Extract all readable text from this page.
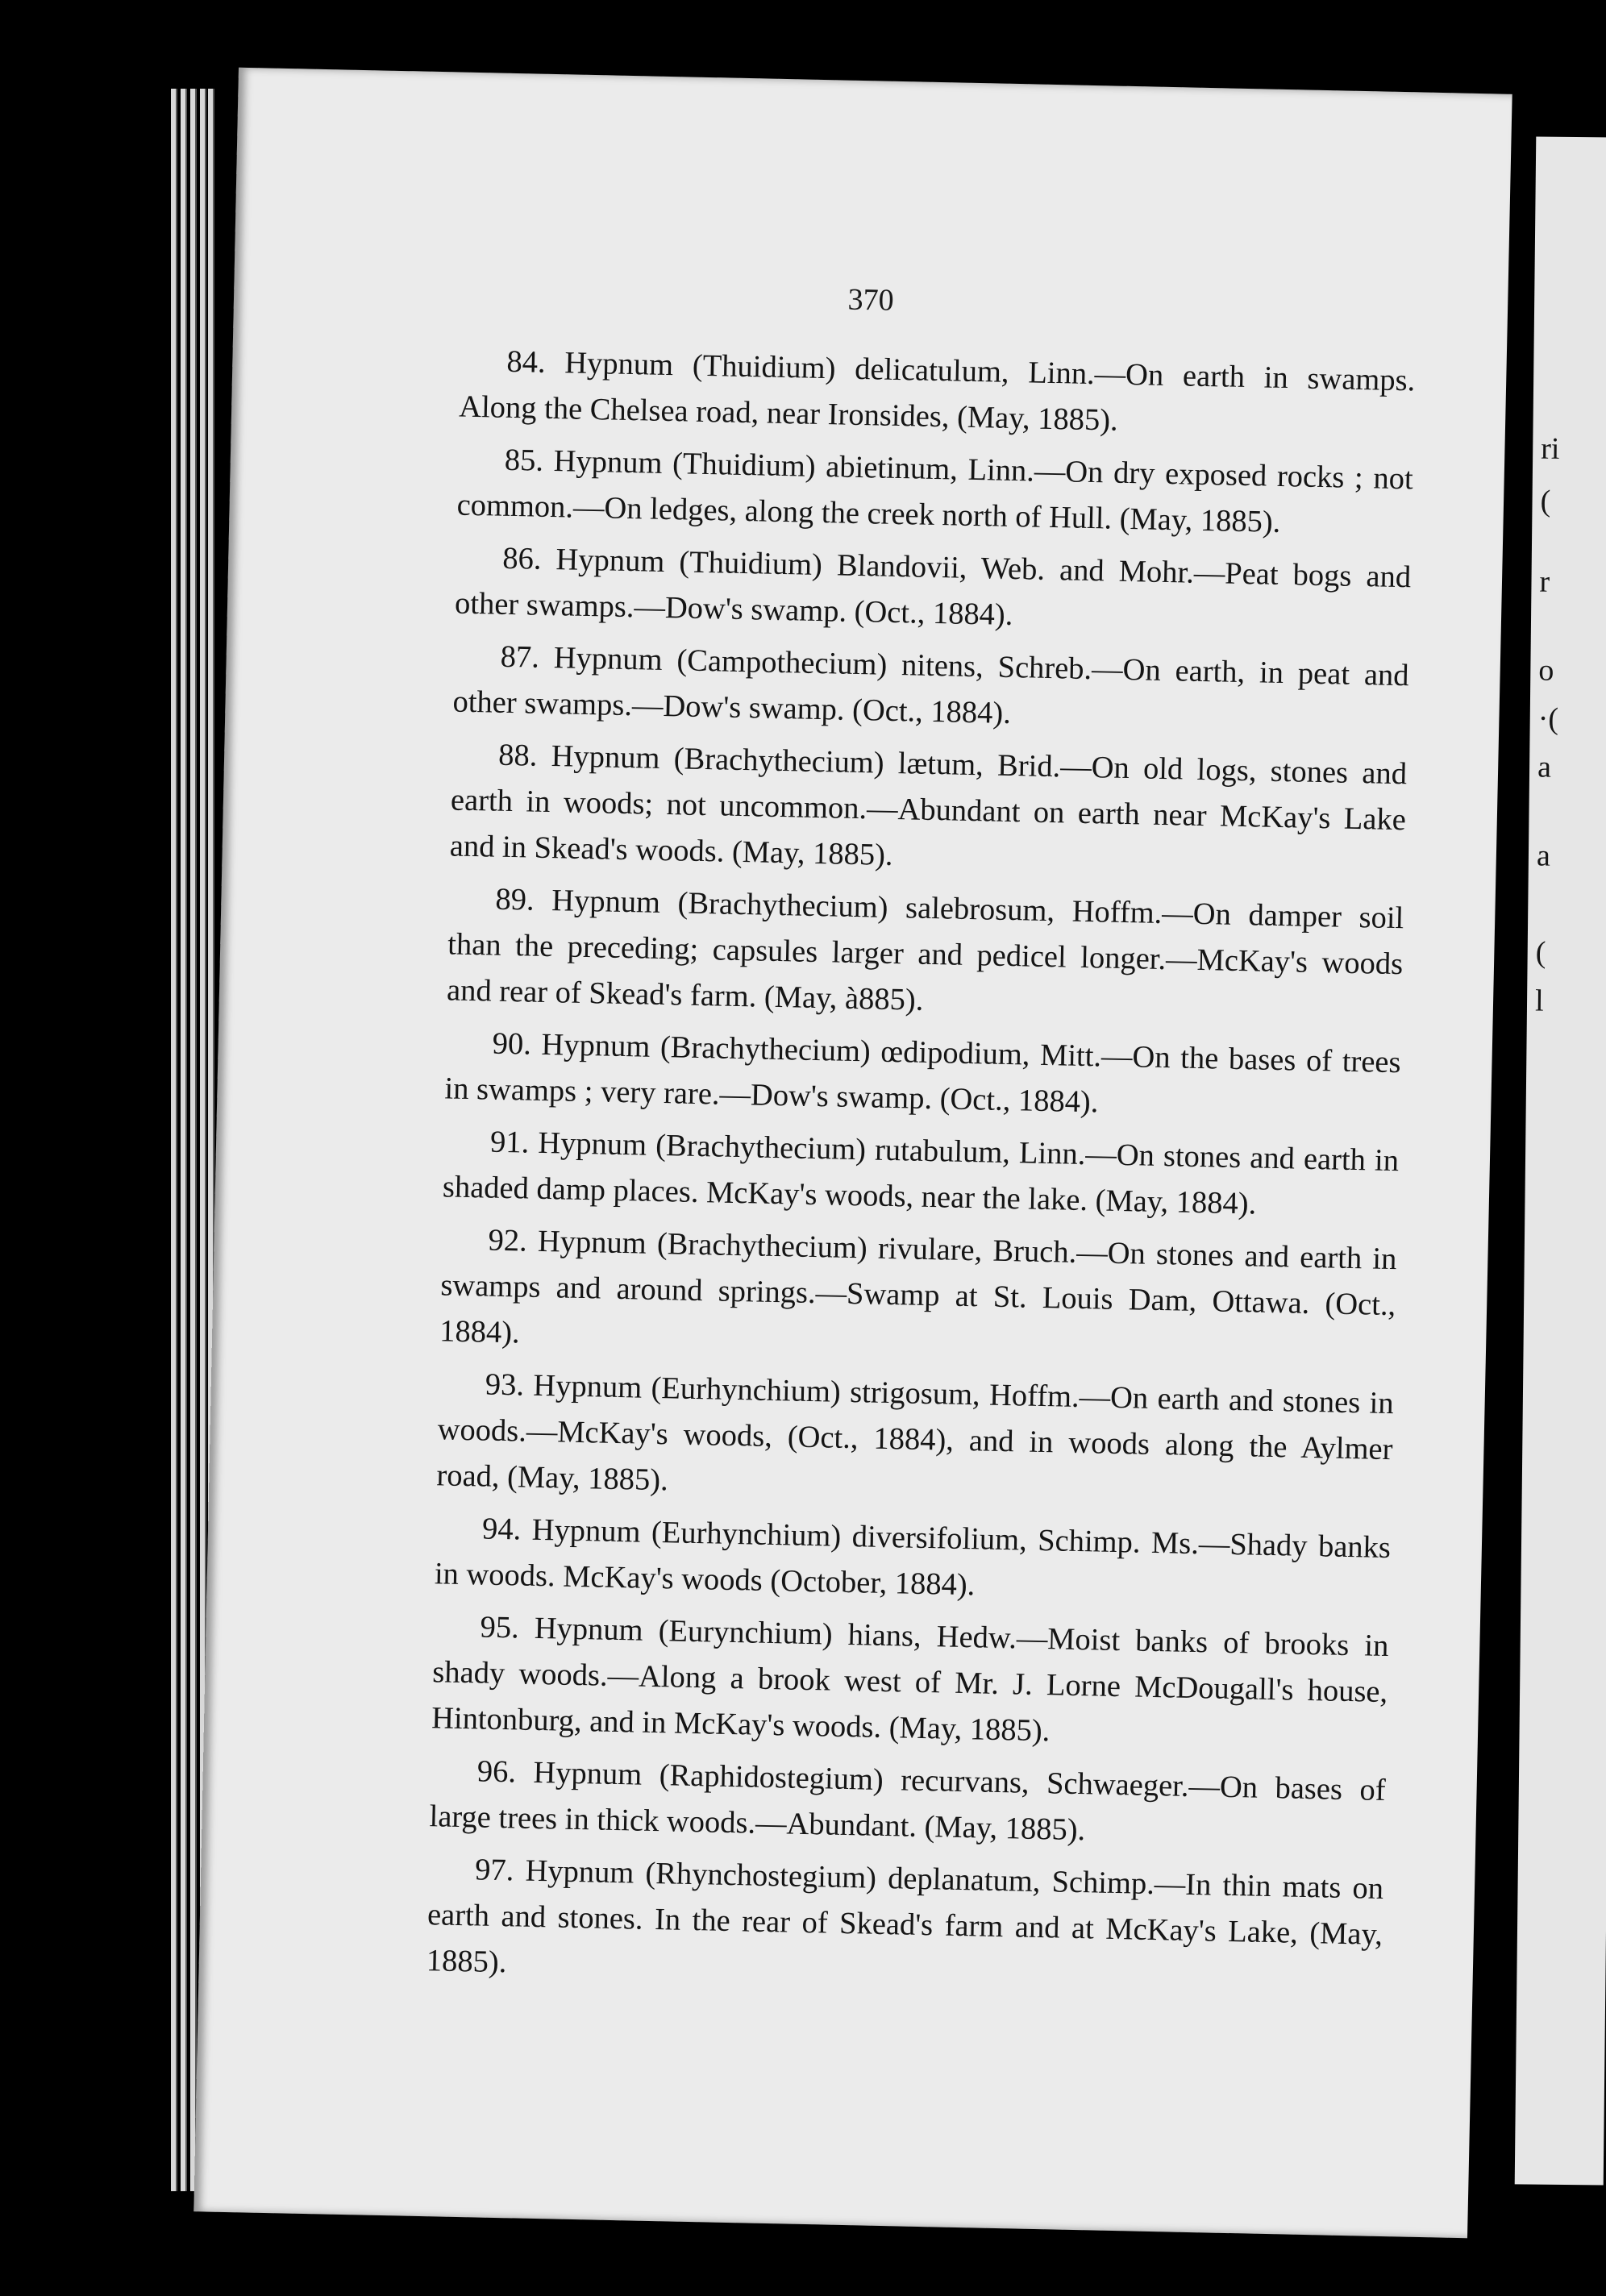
370

84. Hypnum (Thuidium) delicatulum, Linn.—On earth in swamps. Along the Chelsea road, near Ironsides, (May, 1885).

85. Hypnum (Thuidium) abietinum, Linn.—On dry exposed rocks ; not common.—On ledges, along the creek north of Hull. (May, 1885).

86. Hypnum (Thuidium) Blandovii, Web. and Mohr.—Peat bogs and other swamps.—Dow's swamp. (Oct., 1884).

87. Hypnum (Campothecium) nitens, Schreb.—On earth, in peat and other swamps.—Dow's swamp. (Oct., 1884).

88. Hypnum (Brachythecium) lætum, Brid.—On old logs, stones and earth in woods; not uncommon.—Abundant on earth near McKay's Lake and in Skead's woods. (May, 1885).

89. Hypnum (Brachythecium) salebrosum, Hoffm.—On damper soil than the preceding; capsules larger and pedicel longer.—McKay's woods and rear of Skead's farm. (May, à885).

90. Hypnum (Brachythecium) œdipodium, Mitt.—On the bases of trees in swamps ; very rare.—Dow's swamp. (Oct., 1884).

91. Hypnum (Brachythecium) rutabulum, Linn.—On stones and earth in shaded damp places. McKay's woods, near the lake. (May, 1884).

92. Hypnum (Brachythecium) rivulare, Bruch.—On stones and earth in swamps and around springs.—Swamp at St. Louis Dam, Ottawa. (Oct., 1884).

93. Hypnum (Eurhynchium) strigosum, Hoffm.—On earth and stones in woods.—McKay's woods, (Oct., 1884), and in woods along the Aylmer road, (May, 1885).

94. Hypnum (Eurhynchium) diversifolium, Schimp. Ms.—Shady banks in woods. McKay's woods (October, 1884).

95. Hypnum (Eurynchium) hians, Hedw.—Moist banks of brooks in shady woods.—Along a brook west of Mr. J. Lorne McDougall's house, Hintonburg, and in McKay's woods. (May, 1885).

96. Hypnum (Raphidostegium) recurvans, Schwaeger.—On bases of large trees in thick woods.—Abundant. (May, 1885).

97. Hypnum (Rhynchostegium) deplanatum, Schimp.—In thin mats on earth and stones. In the rear of Skead's farm and at McKay's Lake, (May, 1885).

ri
(
r
o
·(
a
a
(
l
